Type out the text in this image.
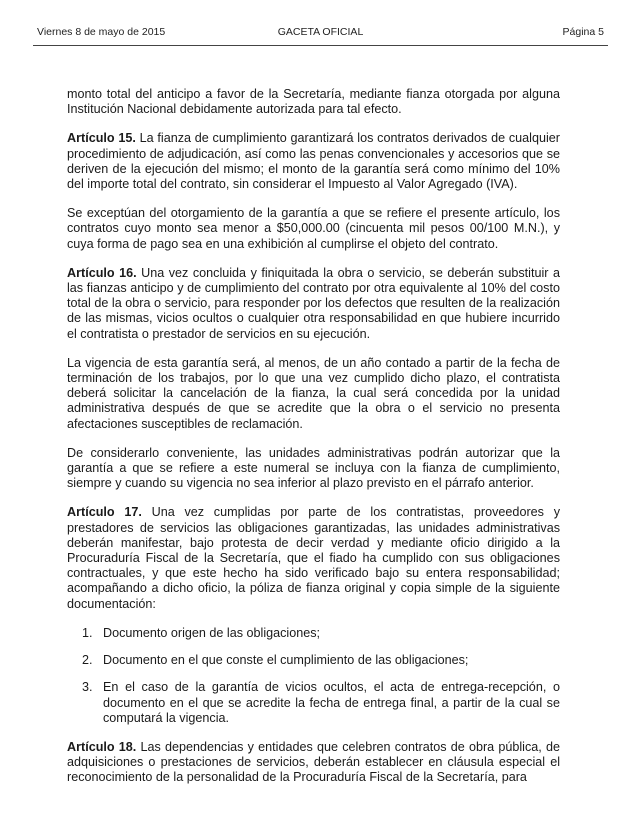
Viernes 8 de mayo de 2015	GACETA OFICIAL	Página 5

monto total del anticipo a favor de la Secretaría, mediante fianza otorgada por alguna Institución Nacional debidamente autorizada para tal efecto.

Artículo 15. La fianza de cumplimiento garantizará los contratos derivados de cualquier procedimiento de adjudicación, así como las penas convencionales y accesorios que se deriven de la ejecución del mismo; el monto de la garantía será como mínimo del 10% del importe total del contrato, sin considerar el Impuesto al Valor Agregado (IVA).

Se exceptúan del otorgamiento de la garantía a que se refiere el presente artículo, los contratos cuyo monto sea menor a $50,000.00 (cincuenta mil pesos 00/100 M.N.), y cuya forma de pago sea en una exhibición al cumplirse el objeto del contrato.

Artículo 16. Una vez concluida y finiquitada la obra o servicio, se deberán substituir a las fianzas anticipo y de cumplimiento del contrato por otra equivalente al 10% del costo total de la obra o servicio, para responder por los defectos que resulten de la realización de las mismas, vicios ocultos o cualquier otra responsabilidad en que hubiere incurrido el contratista o prestador de servicios en su ejecución.

La vigencia de esta garantía será, al menos, de un año contado a partir de la fecha de terminación de los trabajos, por lo que una vez cumplido dicho plazo, el contratista deberá solicitar la cancelación de la fianza, la cual será concedida por la unidad administrativa después de que se acredite que la obra o el servicio no presenta afectaciones susceptibles de reclamación.

De considerarlo conveniente, las unidades administrativas podrán autorizar que la garantía a que se refiere a este numeral se incluya con la fianza de cumplimiento, siempre y cuando su vigencia no sea inferior al plazo previsto en el párrafo anterior.

Artículo 17. Una vez cumplidas por parte de los contratistas, proveedores y prestadores de servicios las obligaciones garantizadas, las unidades administrativas deberán manifestar, bajo protesta de decir verdad y mediante oficio dirigido a la Procuraduría Fiscal de la Secretaría, que el fiado ha cumplido con sus obligaciones contractuales, y que este hecho ha sido verificado bajo su entera responsabilidad; acompañando a dicho oficio, la póliza de fianza original y copia simple de la siguiente documentación:

1. Documento origen de las obligaciones;
2. Documento en el que conste el cumplimiento de las obligaciones;
3. En el caso de la garantía de vicios ocultos, el acta de entrega-recepción, o documento en el que se acredite la fecha de entrega final, a partir de la cual se computará la vigencia.

Artículo 18. Las dependencias y entidades que celebren contratos de obra pública, de adquisiciones o prestaciones de servicios, deberán establecer en cláusula especial el reconocimiento de la personalidad de la Procuraduría Fiscal de la Secretaría, para
